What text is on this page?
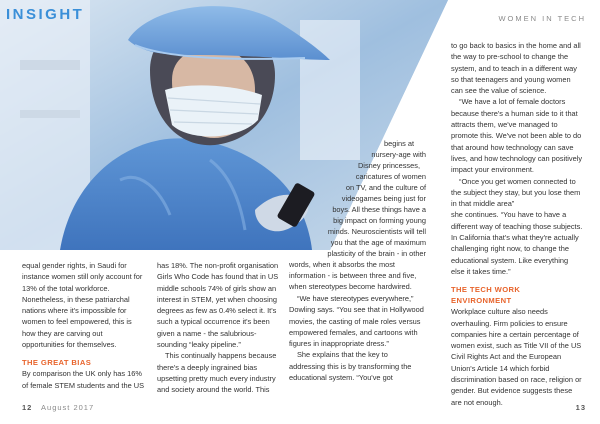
INSIGHT	WOMEN IN TECH

equal gender rights, in Saudi for instance women still only account for 13% of the total workforce. Nonetheless, in these patriarchal nations where it's impossible for women to feel empowered, this is how they are carving out opportunities for themselves.

THE GREAT BIAS

By comparison the UK only has 16% of female STEM students and the US

has 18%. The non-profit organisation Girls Who Code has found that in US middle schools 74% of girls show an interest in STEM, yet when choosing degrees as few as 0.4% select it. It's such a typical occurrence it's been given a name - the salubrious-sounding “leaky pipeline.”

This continually happens because there's a deeply ingrained bias upsetting pretty much every industry and society around the world. This

begins at
nursery-age with
Disney princesses,
caricatures of women
on TV, and the culture of
videogames being just for
boys. All these things have a
big impact on forming young
minds. Neuroscientists will tell
you that the age of maximum
plasticity of the brain - in other
words, when it absorbs the most
information - is between three and five,
when stereotypes become hardwired.

“We have stereotypes everywhere,” Dowling says. “You see that in Hollywood movies, the casting of male roles versus empowered females, and cartoons with figures in inappropriate dress.”

She explains that the key to addressing this is by transforming the educational system. “You've got

to go back to basics in the home and all the way to pre-school to change the system, and to teach in a different way so that teenagers and young women can see the value of science.

“We have a lot of female doctors because there's a human side to it that attracts them, we've managed to promote this. We've not been able to do that around how technology can save lives, and how technology can positively impact your environment.

“Once you get women connected to the subject they stay, but you lose them in that middle area”

she continues. “You have to have a different way of teaching those subjects. In California that's what they're actually challenging right now, to change the educational system. Like everything else it takes time.”

THE TECH WORK ENVIRONMENT

Workplace culture also needs overhauling. Firm policies to ensure companies hire a certain percentage of women exist, such as Title VII of the US Civil Rights Act and the European Union's Article 14 which forbid discrimination based on race, religion or gender. But evidence suggests these are not enough.

12 August 2017	13
